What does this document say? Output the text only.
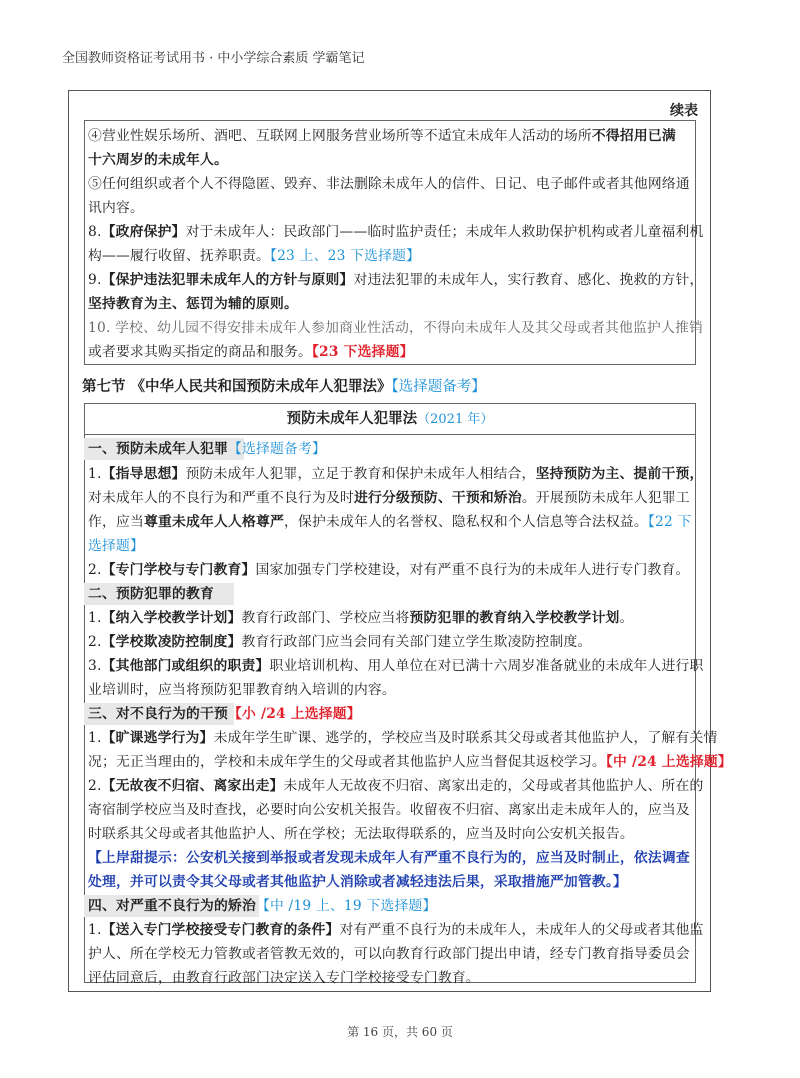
全国教师资格证考试用书 · 中小学综合素质 学霸笔记
续表
④营业性娱乐场所、酒吧、互联网上网服务营业场所等不适宜未成年人活动的场所不得招用已满
十六周岁的未成年人。
⑤任何组织或者个人不得隐匿、毁弃、非法删除未成年人的信件、日记、电子邮件或者其他网络通
讯内容。
8.【政府保护】对于未成年人：民政部门——临时监护责任；未成年人救助保护机构或者儿童福利机
构——履行收留、抚养职责。【23 上、23 下选择题】
9.【保护违法犯罪未成年人的方针与原则】对违法犯罪的未成年人，实行教育、感化、挽救的方针，
坚持教育为主、惩罚为辅的原则。
10. 学校、幼儿园不得安排未成年人参加商业性活动，不得向未成年人及其父母或者其他监护人推销
或者要求其购买指定的商品和服务。【23 下选择题】
第七节 《中华人民共和国预防未成年人犯罪法》【选择题备考】
预防未成年人犯罪法（2021 年）
一、预防未成年人犯罪【选择题备考】
1.【指导思想】预防未成年人犯罪，立足于教育和保护未成年人相结合，坚持预防为主、提前干预，
对未成年人的不良行为和严重不良行为及时进行分级预防、干预和矫治。开展预防未成年人犯罪工
作，应当尊重未成年人人格尊严，保护未成年人的名誉权、隐私权和个人信息等合法权益。【22 下
选择题】
2.【专门学校与专门教育】国家加强专门学校建设，对有严重不良行为的未成年人进行专门教育。
二、预防犯罪的教育
1.【纳入学校教学计划】教育行政部门、学校应当将预防犯罪的教育纳入学校教学计划。
2.【学校欺凌防控制度】教育行政部门应当会同有关部门建立学生欺凌防控制度。
3.【其他部门或组织的职责】职业培训机构、用人单位在对已满十六周岁准备就业的未成年人进行职
业培训时，应当将预防犯罪教育纳入培训的内容。
三、对不良行为的干预【小 /24 上选择题】
1.【旷课逃学行为】未成年学生旷课、逃学的，学校应当及时联系其父母或者其他监护人，了解有关情
况；无正当理由的，学校和未成年学生的父母或者其他监护人应当督促其返校学习。【中 /24 上选择题】
2.【无故夜不归宿、离家出走】未成年人无故夜不归宿、离家出走的，父母或者其他监护人、所在的
寄宿制学校应当及时查找，必要时向公安机关报告。收留夜不归宿、离家出走未成年人的，应当及
时联系其父母或者其他监护人、所在学校；无法取得联系的，应当及时向公安机关报告。
【上岸甜提示：公安机关接到举报或者发现未成年人有严重不良行为的，应当及时制止，依法调查
处理，并可以责令其父母或者其他监护人消除或者减轻违法后果，采取措施严加管教。】
四、对严重不良行为的矫治【中 /19 上、19 下选择题】
1.【送入专门学校接受专门教育的条件】对有严重不良行为的未成年人，未成年人的父母或者其他监
护人、所在学校无力管教或者管教无效的，可以向教育行政部门提出申请，经专门教育指导委员会
评估同意后，由教育行政部门决定送入专门学校接受专门教育。
第 16 页，共 60 页
